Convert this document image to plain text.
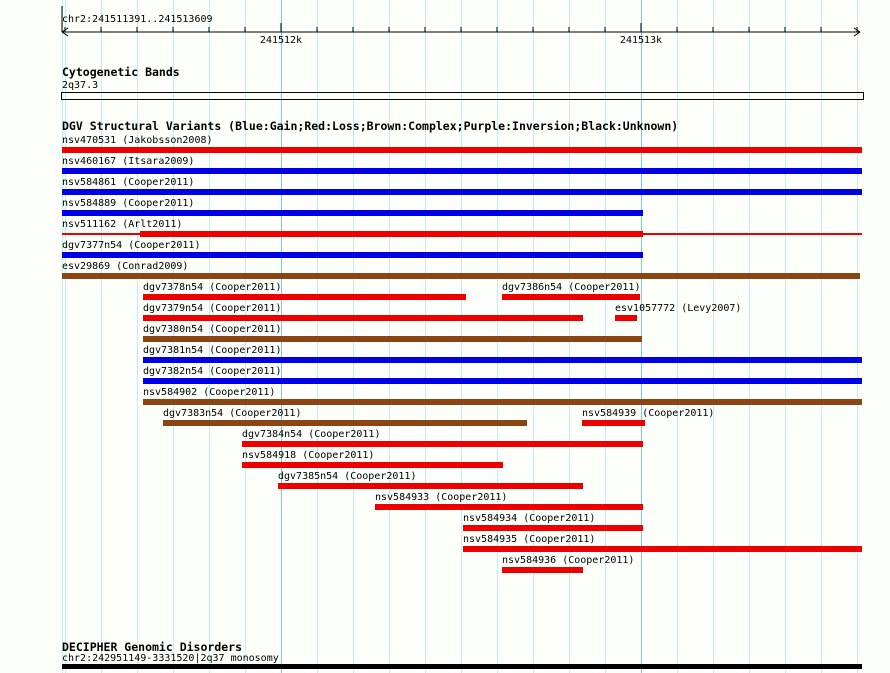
chr2:241511391..241513609
241512k	241513k
Cytogenetic Bands
2q37.3
DGV Structural Variants (Blue:Gain;Red:Loss;Brown:Complex;Purple:Inversion;Black:Unknown)
nsv470531 (Jakobsson2008)
nsv460167 (Itsara2009)
nsv584861 (Cooper2011)
nsv584889 (Cooper2011)
nsv511162 (Arlt2011)
dgv7377n54 (Cooper2011)
esv29869 (Conrad2009)
dgv7378n54 (Cooper2011)	dgv7386n54 (Cooper2011)
dgv7379n54 (Cooper2011)	esv1057772 (Levy2007)
dgv7380n54 (Cooper2011)
dgv7381n54 (Cooper2011)
dgv7382n54 (Cooper2011)
nsv584902 (Cooper2011)
dgv7383n54 (Cooper2011)	nsv584939 (Cooper2011)
dgv7384n54 (Cooper2011)
nsv584918 (Cooper2011)
dgv7385n54 (Cooper2011)
nsv584933 (Cooper2011)
nsv584934 (Cooper2011)
nsv584935 (Cooper2011)
nsv584936 (Cooper2011)
DECIPHER Genomic Disorders
chr2:242951149-3331520|2q37 monosomy
